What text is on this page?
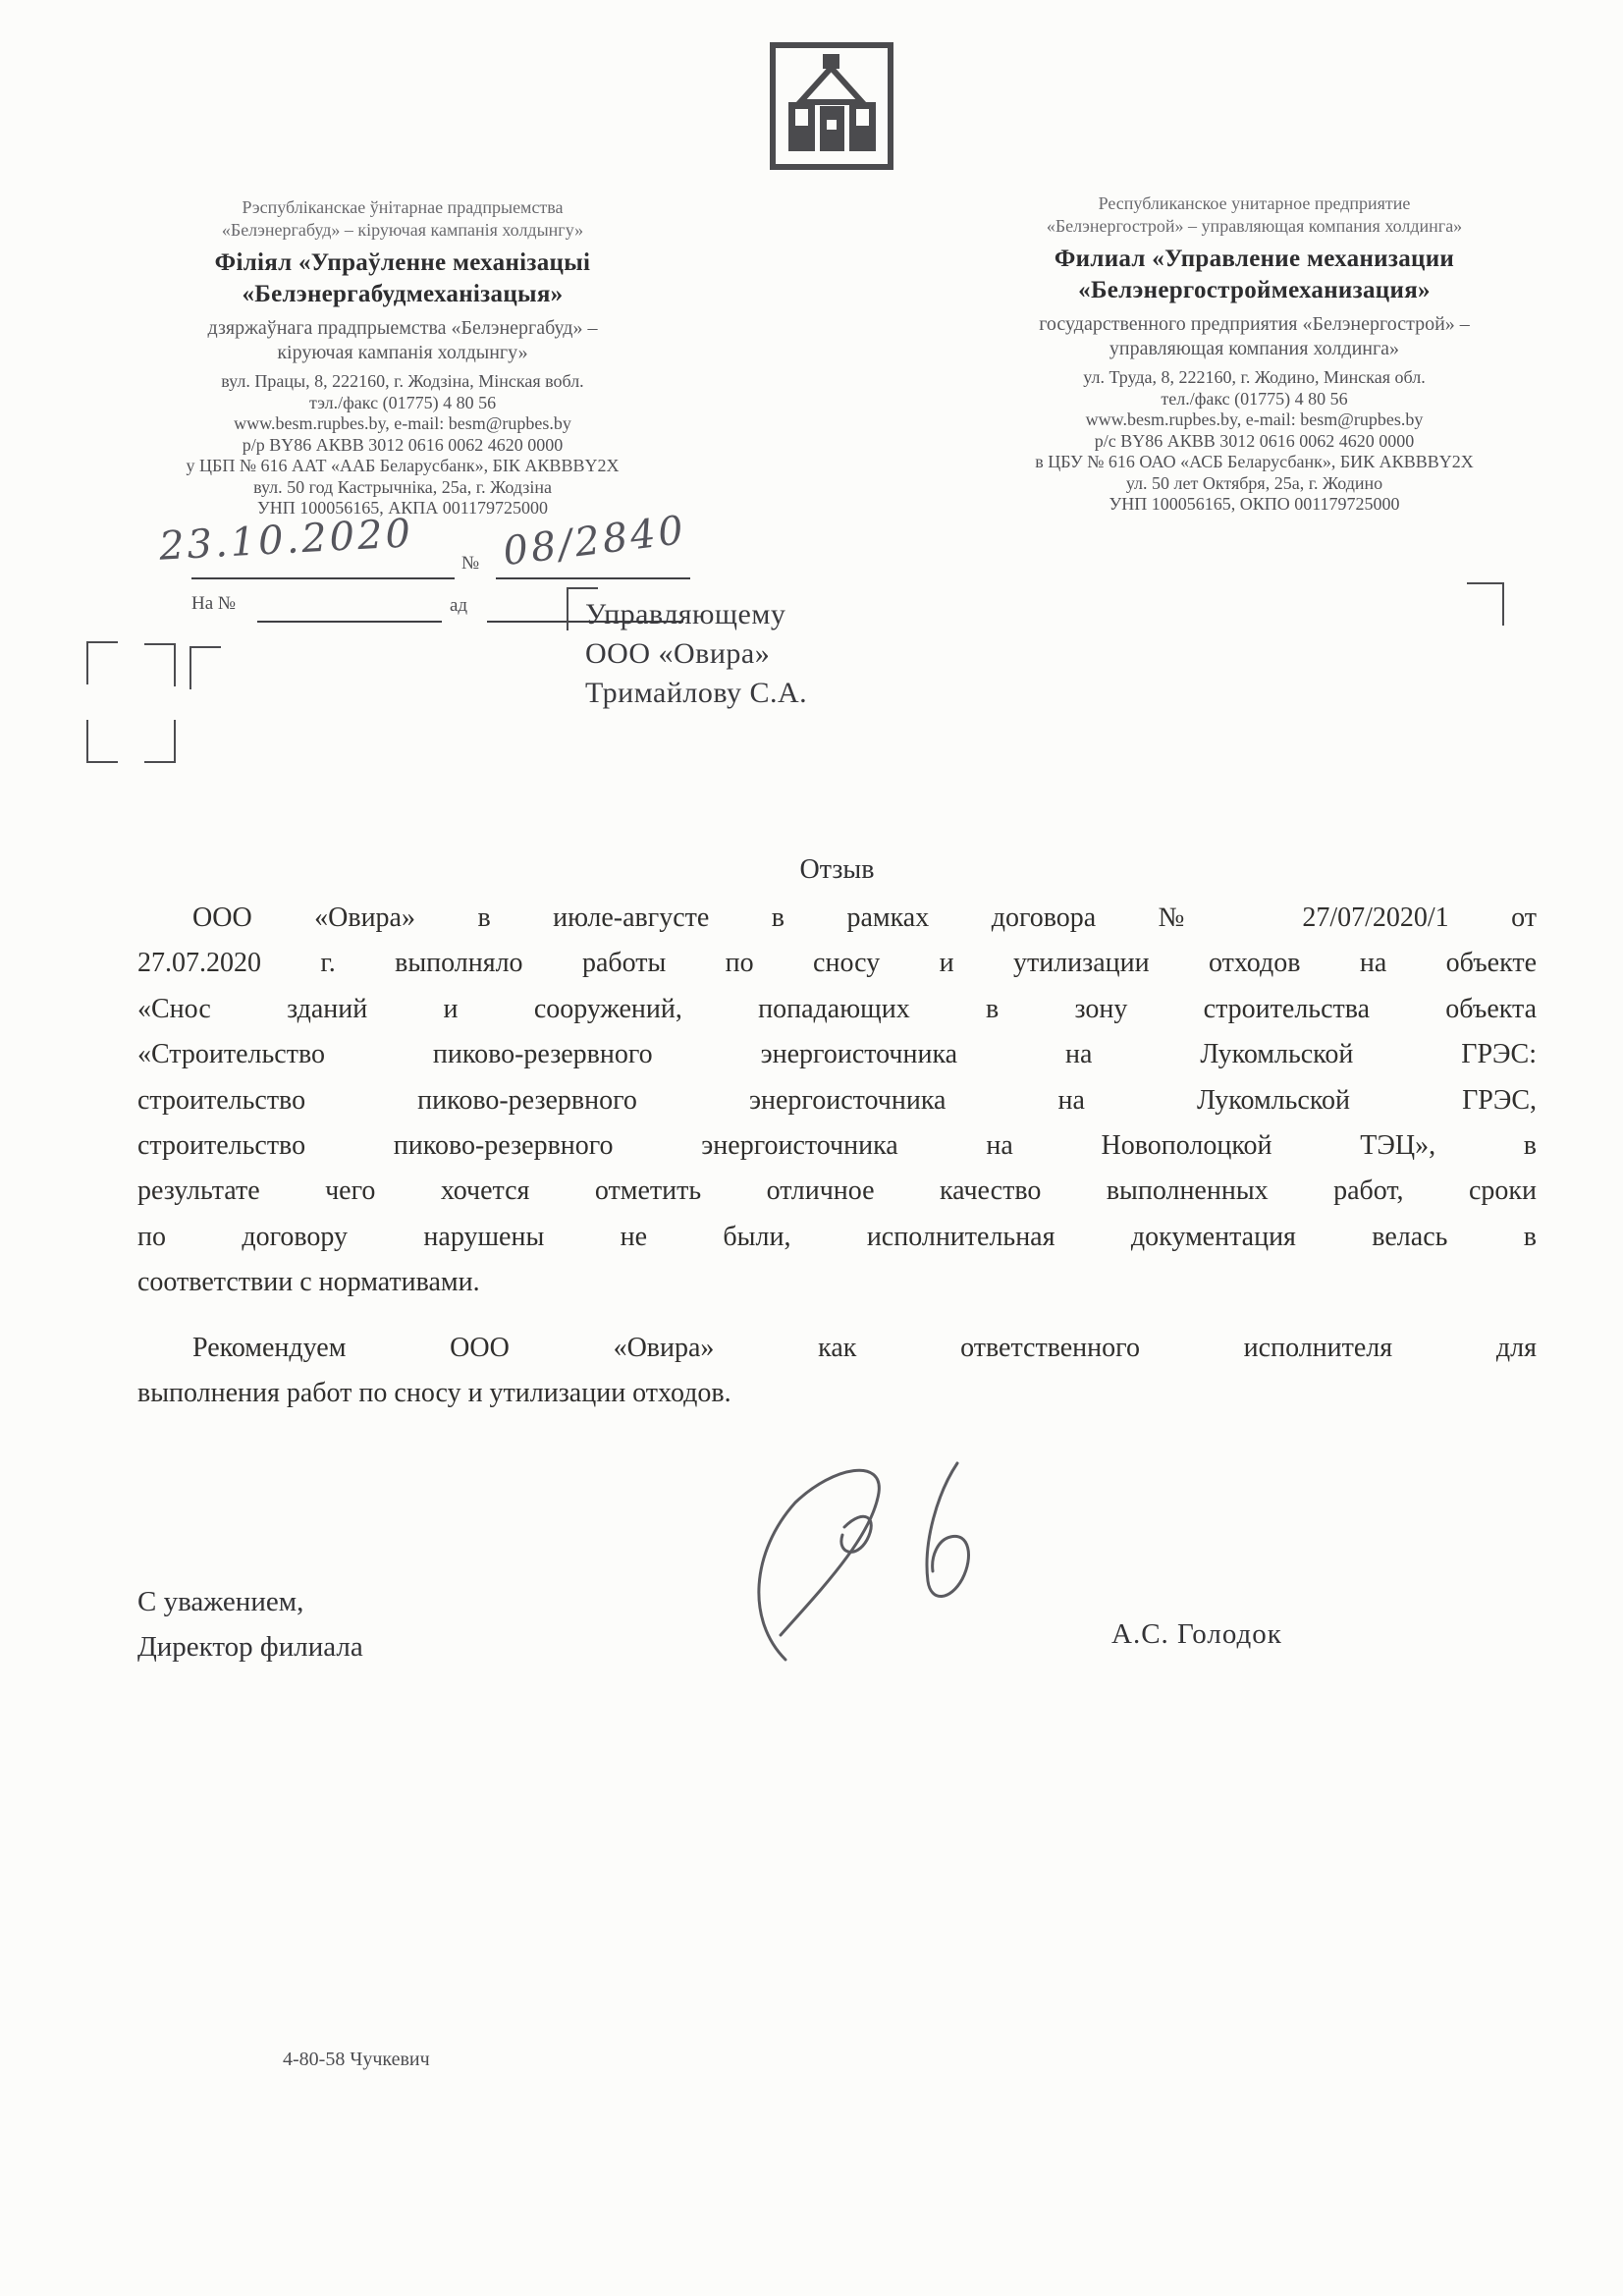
Рэспубліканскае ўнітарнае прадпрыемства
«Белэнергабуд» – кіруючая кампанія холдынгу»
Філіял «Упраўленне механізацыі
«Белэнергабудмеханізацыя»
дзяржаўнага прадпрыемства «Белэнергабуд» –
кіруючая кампанія холдынгу»
вул. Працы, 8, 222160, г. Жодзіна, Мінская вобл.
тэл./факс (01775) 4 80 56
www.besm.rupbes.by, e-mail: besm@rupbes.by
р/р BY86 АКВВ 3012 0616 0062 4620 0000
у ЦБП № 616 ААТ «ААБ Беларусбанк», БІК АКВВВY2X
вул. 50 год Кастрычніка, 25а, г. Жодзіна
УНП 100056165, АКПА 001179725000
Республиканское унитарное предприятие
«Белэнергострой» – управляющая компания холдинга»
Филиал «Управление механизации
«Белэнергостроймеханизация»
государственного предприятия «Белэнергострой» –
управляющая компания холдинга»
ул. Труда, 8, 222160, г. Жодино, Минская обл.
тел./факс (01775) 4 80 56
www.besm.rupbes.by, e-mail: besm@rupbes.by
р/с BY86 АКВВ 3012 0616 0062 4620 0000
в ЦБУ № 616 ОАО «АСБ Беларусбанк», БИК АКВВВY2X
ул. 50 лет Октября, 25а, г. Жодино
УНП 100056165, ОКПО 001179725000
23.10.2020	№ 08/2840
На №	ад	Управляющему
ООО «Овира»
Тримайлову С.А.
Отзыв
ООО «Овира» в июле-августе в рамках договора № 27/07/2020/1 от
27.07.2020 г. выполняло работы по сносу и утилизации отходов на объекте
«Снос зданий и сооружений, попадающих в зону строительства объекта
«Строительство пиково-резервного энергоисточника на Лукомльской ГРЭС:
строительство пиково-резервного энергоисточника на Лукомльской ГРЭС,
строительство пиково-резервного энергоисточника на Новополоцкой ТЭЦ», в
результате чего хочется отметить отличное качество выполненных работ, сроки
по договору нарушены не были, исполнительная документация велась в
соответствии с нормативами.
Рекомендуем ООО «Овира» как ответственного исполнителя для
выполнения работ по сносу и утилизации отходов.
С уважением,
Директор филиала	А.С. Голодок
4-80-58 Чучкевич
